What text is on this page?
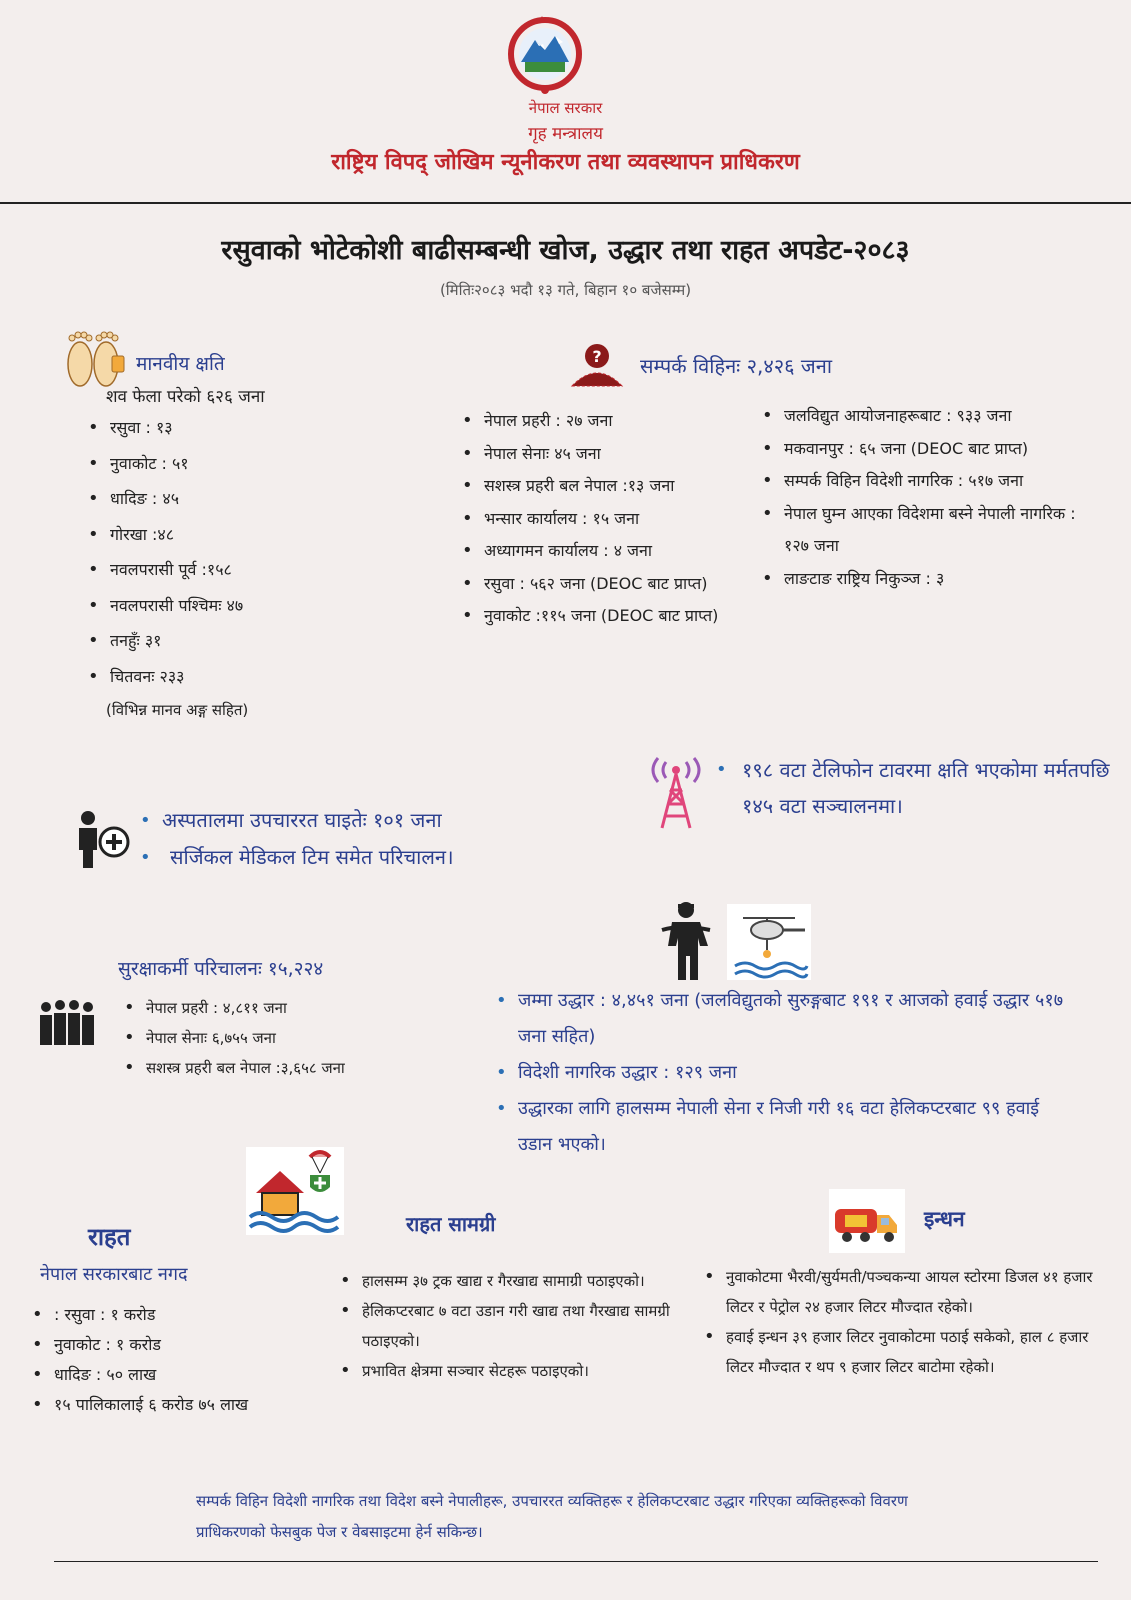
नेपाल सरकार
गृह मन्त्रालय
राष्ट्रिय विपद् जोखिम न्यूनीकरण तथा व्यवस्थापन प्राधिकरण
रसुवाको भोटेकोशी बाढीसम्बन्धी खोज, उद्धार तथा राहत अपडेट-२०८३
(मितिः२०८३ भदौ १३ गते, बिहान १० बजेसम्म)
मानवीय क्षति
शव फेला परेको ६२६ जना
• रसुवा : १३
• नुवाकोट : ५१
• धादिङ : ४५
• गोरखा :४८
• नवलपरासी पूर्व :१५८
• नवलपरासी पश्चिमः ४७
• तनहुँः ३१
• चितवनः २३३
(विभिन्न मानव अङ्ग सहित)
? सम्पर्क विहिनः २,४२६ जना
• नेपाल प्रहरी : २७ जना
• नेपाल सेनाः ४५ जना
• सशस्त्र प्रहरी बल नेपाल :१३ जना
• भन्सार कार्यालय : १५ जना
• अध्यागमन कार्यालय : ४ जना
• रसुवा : ५६२ जना (DEOC बाट प्राप्त)
• नुवाकोट :११५ जना (DEOC बाट प्राप्त)
• जलविद्युत आयोजनाहरूबाट : ९३३ जना
• मकवानपुर : ६५ जना (DEOC बाट प्राप्त)
• सम्पर्क विहिन विदेशी नागरिक : ५१७ जना
• नेपाल घुम्न आएका विदेशमा बस्ने नेपाली नागरिक : १२७ जना
• लाङटाङ राष्ट्रिय निकुञ्ज : ३
• १९८ वटा टेलिफोन टावरमा क्षति भएकोमा मर्मतपछि १४५ वटा सञ्चालनमा।
• अस्पतालमा उपचाररत घाइतेः १०१ जना
• सर्जिकल मेडिकल टिम समेत परिचालन।
सुरक्षाकर्मी परिचालनः १५,२२४
• नेपाल प्रहरी : ४,८११ जना
• नेपाल सेनाः ६,७५५ जना
• सशस्त्र प्रहरी बल नेपाल :३,६५८ जना
• जम्मा उद्धार : ४,४५१ जना (जलविद्युतको सुरुङ्गबाट १९१ र आजको हवाई उद्धार ५१७ जना सहित)
• विदेशी नागरिक उद्धार : १२९ जना
• उद्धारका लागि हालसम्म नेपाली सेना र निजी गरी १६ वटा हेलिकप्टरबाट ९९ हवाई उडान भएको।
राहत
नेपाल सरकारबाट नगद
• : रसुवा : १ करोड
• नुवाकोट : १ करोड
• धादिङ : ५० लाख
• १५ पालिकालाई ६ करोड ७५ लाख
राहत सामग्री
• हालसम्म ३७ ट्रक खाद्य र गैरखाद्य सामाग्री पठाइएको।
• हेलिकप्टरबाट ७ वटा उडान गरी खाद्य तथा गैरखाद्य सामग्री पठाइएको।
• प्रभावित क्षेत्रमा सञ्चार सेटहरू पठाइएको।
इन्धन
• नुवाकोटमा भैरवी/सुर्यमती/पञ्चकन्या आयल स्टोरमा डिजल ४१ हजार लिटर र पेट्रोल २४ हजार लिटर मौज्दात रहेको।
• हवाई इन्धन ३९ हजार लिटर नुवाकोटमा पठाई सकेको, हाल ८ हजार लिटर मौज्दात र थप ९ हजार लिटर बाटोमा रहेको।
सम्पर्क विहिन विदेशी नागरिक तथा विदेश बस्ने नेपालीहरू, उपचाररत व्यक्तिहरू र हेलिकप्टरबाट उद्धार गरिएका व्यक्तिहरूको विवरण प्राधिकरणको फेसबुक पेज र वेबसाइटमा हेर्न सकिन्छ।
